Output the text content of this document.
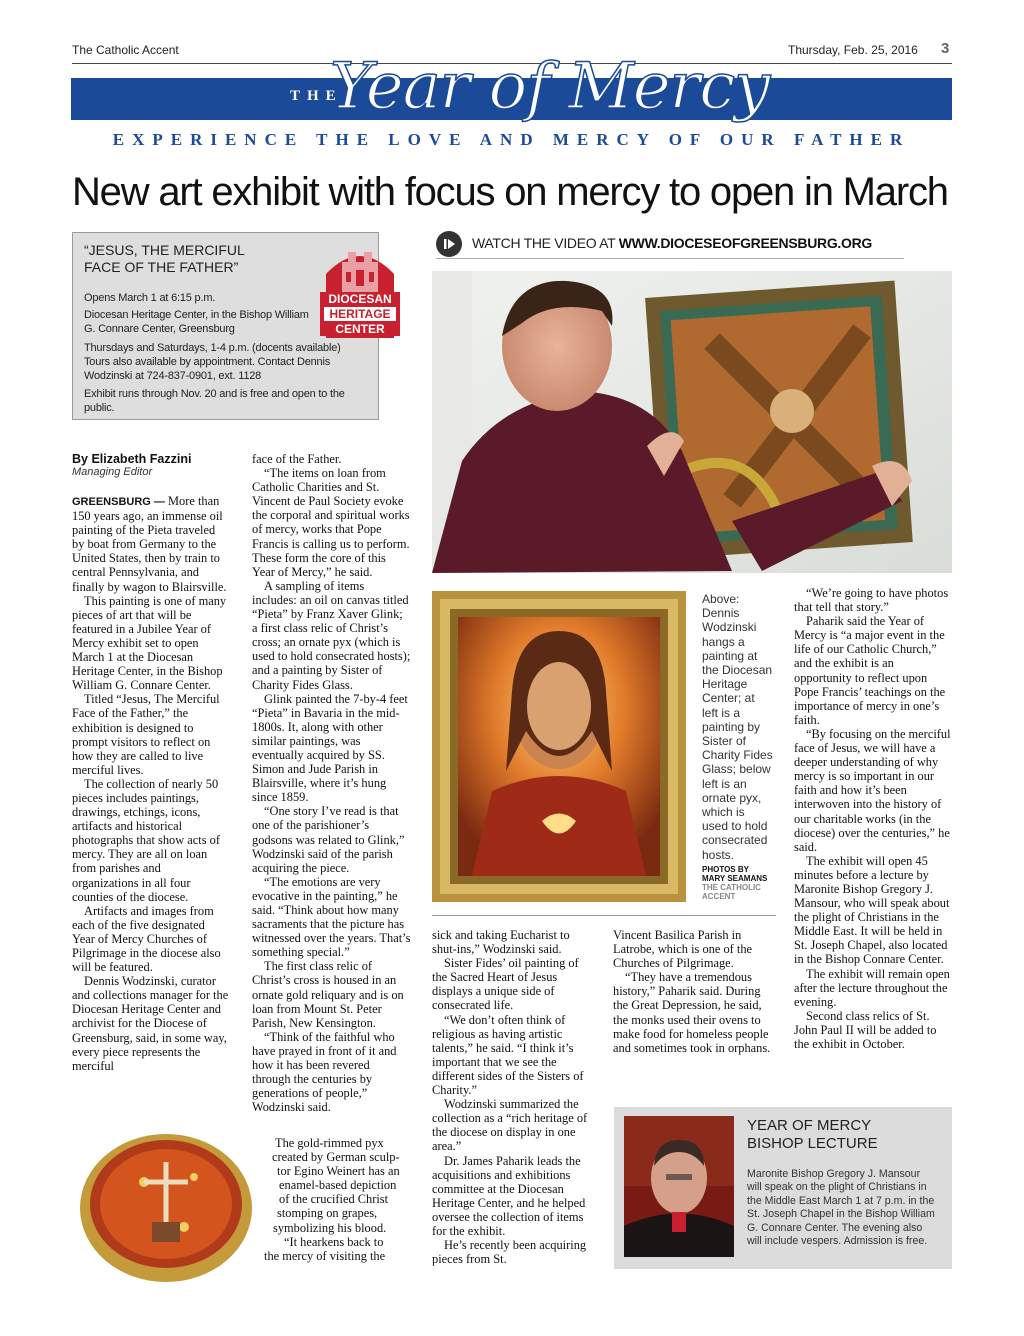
The Catholic Accent	Thursday, Feb. 25, 2016 3
THE
Year of Mercy
EXPERIENCE THE LOVE AND MERCY OF OUR FATHER
New art exhibit with focus on mercy to open in March
“JESUS, THE MERCIFUL FACE OF THE FATHER”
Opens March 1 at 6:15 p.m.
Diocesan Heritage Center, in the Bishop William G. Connare Center, Greensburg
Thursdays and Saturdays, 1-4 p.m. (docents available) Tours also available by appointment. Contact Dennis Wodzinski at 724-837-0901, ext. 1128
Exhibit runs through Nov. 20 and is free and open to the public.
DIOCESAN
HERITAGE
CENTER
WATCH THE VIDEO AT WWW.DIOCESEOFGREENSBURG.ORG
By Elizabeth Fazzini
Managing Editor

GREENSBURG — More than 150 years ago, an immense oil painting of the Pieta traveled by boat from Germany to the United States, then by train to central Pennsylvania, and finally by wagon to Blairsville.

This painting is one of many pieces of art that will be featured in a Jubilee Year of Mercy exhibit set to open March 1 at the Diocesan Heritage Center, in the Bishop William G. Connare Center.

Titled “Jesus, The Merciful Face of the Father,” the exhibition is designed to prompt visitors to reflect on how they are called to live merciful lives.

The collection of nearly 50 pieces includes paintings, drawings, etchings, icons, artifacts and historical photographs that show acts of mercy. They are all on loan from parishes and organizations in all four counties of the diocese.

Artifacts and images from each of the five designated Year of Mercy Churches of Pilgrimage in the diocese also will be featured.

Dennis Wodzinski, curator and collections manager for the Diocesan Heritage Center and archivist for the Diocese of Greensburg, said, in some way, every piece represents the merciful

face of the Father.

“The items on loan from Catholic Charities and St. Vincent de Paul Society evoke the corporal and spiritual works of mercy, works that Pope Francis is calling us to perform. These form the core of this Year of Mercy,” he said.

A sampling of items includes: an oil on canvas titled “Pieta” by Franz Xaver Glink; a first class relic of Christ’s cross; an ornate pyx (which is used to hold consecrated hosts); and a painting by Sister of Charity Fides Glass.

Glink painted the 7-by-4 feet “Pieta” in Bavaria in the mid-1800s. It, along with other similar paintings, was eventually acquired by SS. Simon and Jude Parish in Blairsville, where it’s hung since 1859.

“One story I’ve read is that one of the parishioner’s godsons was related to Glink,” Wodzinski said of the parish acquiring the piece.

“The emotions are very evocative in the painting,” he said. “Think about how many sacraments that the picture has witnessed over the years. That’s something special.”

The first class relic of Christ’s cross is housed in an ornate gold reliquary and is on loan from Mount St. Peter Parish, New Kensington.

“Think of the faithful who have prayed in front of it and how it has been revered through the centuries by generations of people,” Wodzinski said.

The gold-rimmed pyx
created by German sculp-
tor Egino Weinert has an
enamel-based depiction
of the crucified Christ
stomping on grapes,
symbolizing his blood.
“It hearkens back to
the mercy of visiting the

sick and taking Eucharist to shut-ins,” Wodzinski said.

Sister Fides’ oil painting of the Sacred Heart of Jesus displays a unique side of consecrated life.

“We don’t often think of religious as having artistic talents,” he said. “I think it’s important that we see the different sides of the Sisters of Charity.”

Wodzinski summarized the collection as a “rich heritage of the diocese on display in one area.”

Dr. James Paharik leads the acquisitions and exhibitions committee at the Diocesan Heritage Center, and he helped oversee the collection of items for the exhibit.

He’s recently been acquiring pieces from St.

Vincent Basilica Parish in Latrobe, which is one of the Churches of Pilgrimage.

“They have a tremendous history,” Paharik said. During the Great Depression, he said, the monks used their ovens to make food for homeless people and sometimes took in orphans.

“We’re going to have photos that tell that story.”

Paharik said the Year of Mercy is “a major event in the life of our Catholic Church,” and the exhibit is an opportunity to reflect upon Pope Francis’ teachings on the importance of mercy in one’s faith.

“By focusing on the merciful face of Jesus, we will have a deeper understanding of why mercy is so important in our faith and how it’s been interwoven into the history of our charitable works (in the diocese) over the centuries,” he said.

The exhibit will open 45 minutes before a lecture by Maronite Bishop Gregory J. Mansour, who will speak about the plight of Christians in the Middle East. It will be held in St. Joseph Chapel, also located in the Bishop Connare Center.

The exhibit will remain open after the lecture throughout the evening.

Second class relics of St. John Paul II will be added to the exhibit in October.

Above: Dennis Wodzinski hangs a painting at the Diocesan Heritage Center; at left is a painting by Sister of Charity Fides Glass; below left is an ornate pyx, which is used to hold consecrated hosts.
PHOTOS BY
MARY SEAMANS
THE CATHOLIC
ACCENT
YEAR OF MERCY BISHOP LECTURE
Maronite Bishop Gregory J. Mansour will speak on the plight of Christians in the Middle East March 1 at 7 p.m. in the St. Joseph Chapel in the Bishop William G. Connare Center. The evening also will include vespers. Admission is free.
